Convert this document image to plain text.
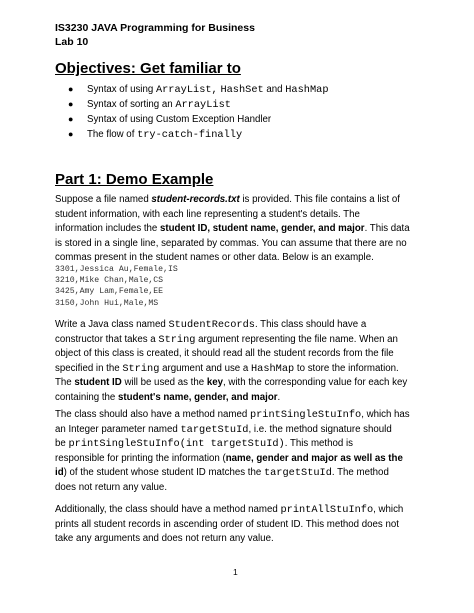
IS3230 JAVA Programming for Business
Lab 10
Objectives: Get familiar to
● Syntax of using ArrayList, HashSet and HashMap
● Syntax of sorting an ArrayList
● Syntax of using Custom Exception Handler
● The flow of try-catch-finally
Part 1: Demo Example

Suppose a file named student-records.txt is provided. This file contains a list of
student information, with each line representing a student's details. The
information includes the student ID, student name, gender, and major. This data
is stored in a single line, separated by commas. You can assume that there are no
commas present in the student names or other data. Below is an example.

3301,Jessica Au,Female,IS
3210,Mike Chan,Male,CS
3425,Amy Lam,Female,EE
3150,John Hui,Male,MS

Write a Java class named StudentRecords. This class should have a
constructor that takes a String argument representing the file name. When an
object of this class is created, it should read all the student records from the file
specified in the String argument and use a HashMap to store the information.
The student ID will be used as the key, with the corresponding value for each key
containing the student's name, gender, and major.

The class should also have a method named printSingleStuInfo, which has
an Integer parameter named targetStuId, i.e. the method signature should
be printSingleStuInfo(int targetStuId). This method is
responsible for printing the information (name, gender and major as well as the
id) of the student whose student ID matches the targetStuId. The method
does not return any value.

Additionally, the class should have a method named printAllStuInfo, which
prints all student records in ascending order of student ID. This method does not
take any arguments and does not return any value.

1
